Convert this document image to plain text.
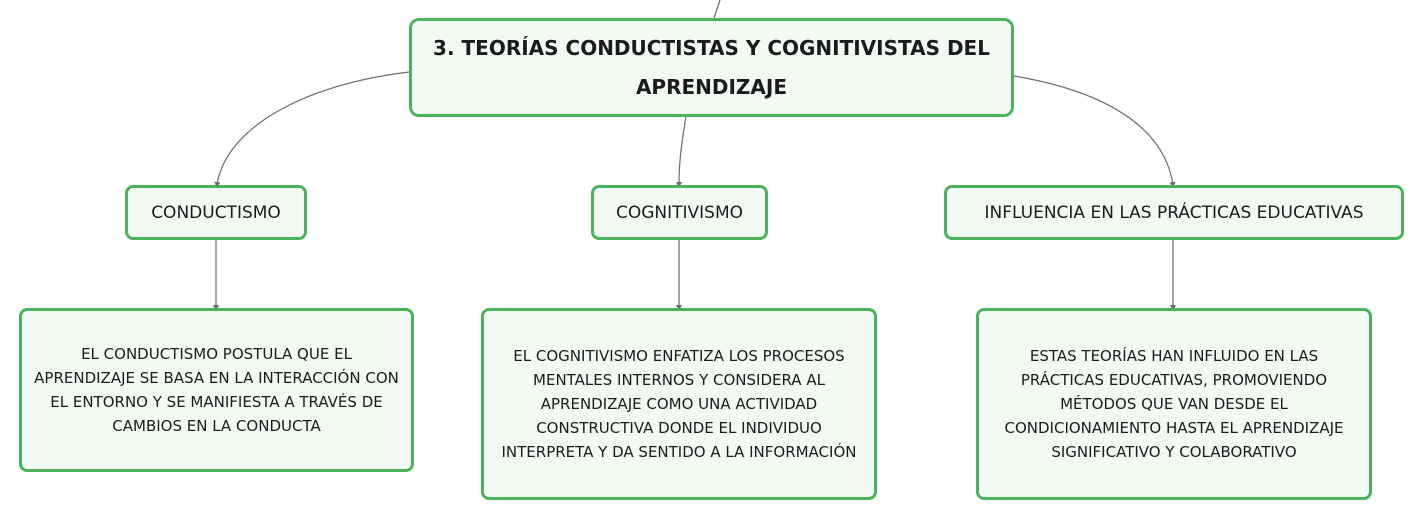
3. TEORÍAS CONDUCTISTAS Y COGNITIVISTAS DEL APRENDIZAJE
CONDUCTISMO	COGNITIVISMO	INFLUENCIA EN LAS PRÁCTICAS EDUCATIVAS
EL CONDUCTISMO POSTULA QUE EL APRENDIZAJE SE BASA EN LA INTERACCIÓN CON EL ENTORNO Y SE MANIFIESTA A TRAVÉS DE CAMBIOS EN LA CONDUCTA
EL COGNITIVISMO ENFATIZA LOS PROCESOS MENTALES INTERNOS Y CONSIDERA AL APRENDIZAJE COMO UNA ACTIVIDAD CONSTRUCTIVA DONDE EL INDIVIDUO INTERPRETA Y DA SENTIDO A LA INFORMACIÓN
ESTAS TEORÍAS HAN INFLUIDO EN LAS PRÁCTICAS EDUCATIVAS, PROMOVIENDO MÉTODOS QUE VAN DESDE EL CONDICIONAMIENTO HASTA EL APRENDIZAJE SIGNIFICATIVO Y COLABORATIVO
